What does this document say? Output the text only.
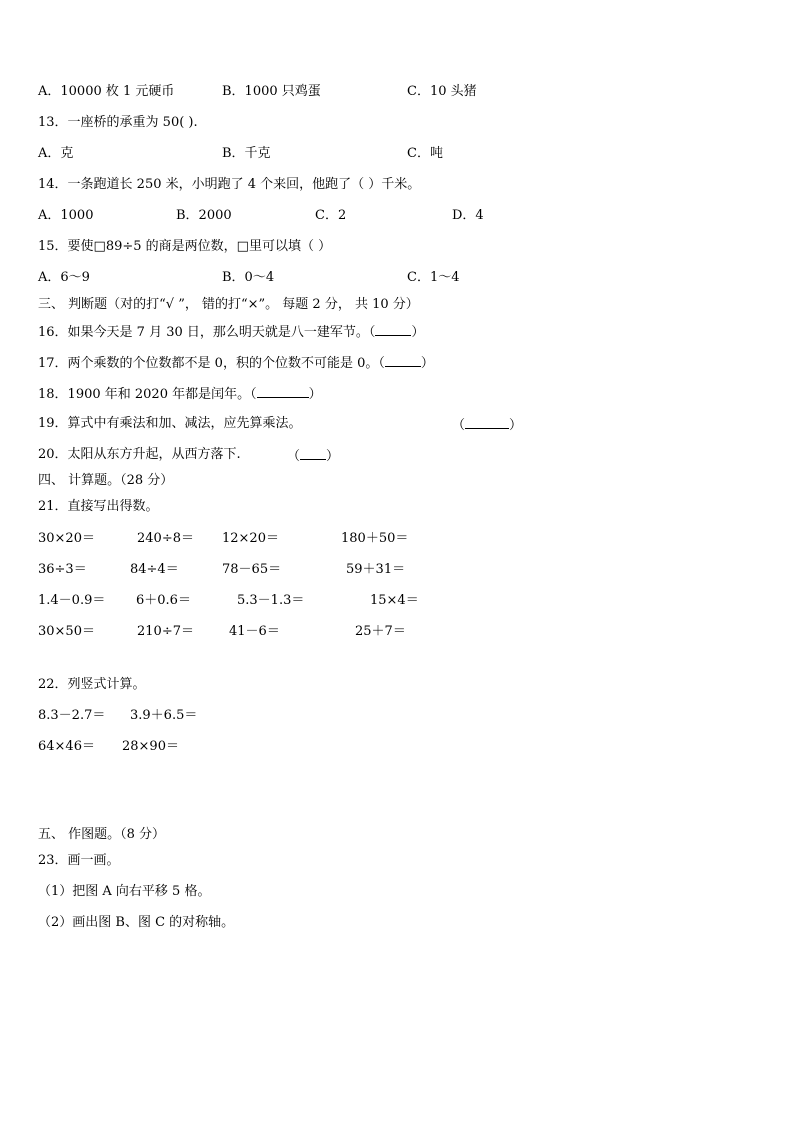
A．10000 枚 1 元硬币	B．1000 只鸡蛋	C．10 头猪
13．一座桥的承重为 50( ).
A．克	B．千克	C．吨
14．一条跑道长 250 米，小明跑了 4 个来回，他跑了（ ）千米。
A．1000	B．2000	C．2	D．4
15．要使□89÷5 的商是两位数，□里可以填（ ）
A．6～9	B．0～4	C．1～4
三、 判断题（对的打“√ ”， 错的打“×”。 每题 2 分， 共 10 分）
16．如果今天是 7 月 30 日，那么明天就是八一建军节。（	）
17．两个乘数的个位数都不是 0，积的个位数不可能是 0。（	）
18．1900 年和 2020 年都是闰年。（	）
19．算式中有乘法和加、减法，应先算乘法。	（	）
20．太阳从东方升起，从西方落下.	（ ）
四、 计算题。（28 分）
21．直接写出得数。
30×20＝	240÷8＝ 12×20＝	180＋50＝
36÷3＝	84÷4＝	78－65＝	59＋31＝
1.4－0.9＝ 6＋0.6＝	5.3－1.3＝	15×4＝
30×50＝	210÷7＝	41－6＝	25＋7＝
22．列竖式计算。
8.3－2.7＝ 3.9＋6.5＝
64×46＝ 28×90＝
五、 作图题。（8 分）
23．画一画。
（1）把图 A 向右平移 5 格。
（2）画出图 B、图 C 的对称轴。
